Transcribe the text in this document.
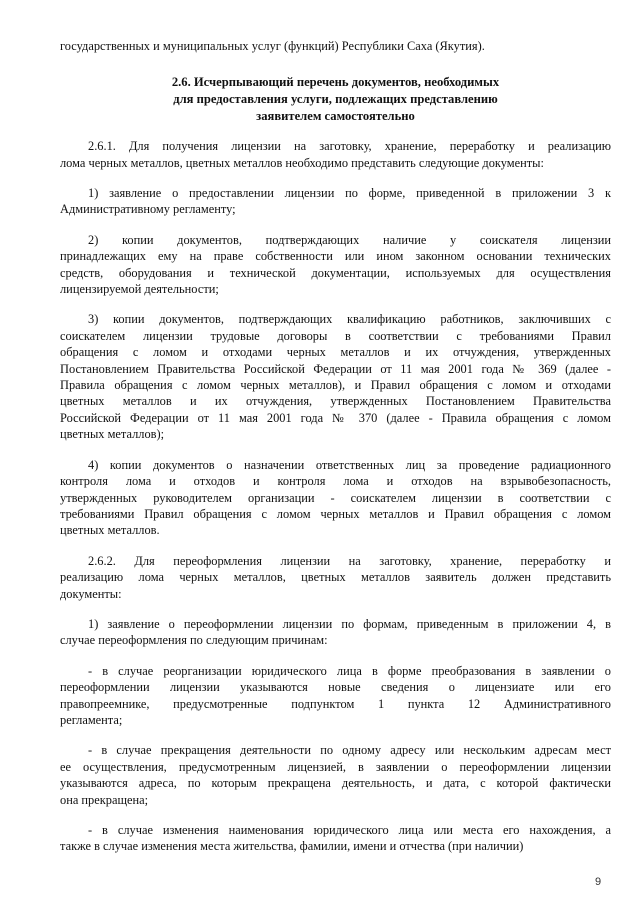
государственных и муниципальных услуг (функций) Республики Саха (Якутия).

2.6. Исчерпывающий перечень документов, необходимых
для предоставления услуги, подлежащих представлению
заявителем самостоятельно
2.6.1. Для получения лицензии на заготовку, хранение, переработку и реализацию
лома черных металлов, цветных металлов необходимо представить следующие документы:
1) заявление о предоставлении лицензии по форме, приведенной в приложении 3 к
Административному регламенту;
2) копии документов, подтверждающих наличие у соискателя лицензии
принадлежащих ему на праве собственности или ином законном основании технических
средств, оборудования и технической документации, используемых для осуществления
лицензируемой деятельности;
3) копии документов, подтверждающих квалификацию работников, заключивших с
соискателем лицензии трудовые договоры в соответствии с требованиями Правил
обращения с ломом и отходами черных металлов и их отчуждения, утвержденных
Постановлением Правительства Российской Федерации от 11 мая 2001 года № 369 (далее -
Правила обращения с ломом черных металлов), и Правил обращения с ломом и отходами
цветных металлов и их отчуждения, утвержденных Постановлением Правительства
Российской Федерации от 11 мая 2001 года № 370 (далее - Правила обращения с ломом
цветных металлов);
4) копии документов о назначении ответственных лиц за проведение радиационного
контроля лома и отходов и контроля лома и отходов на взрывобезопасность,
утвержденных руководителем организации - соискателем лицензии в соответствии с
требованиями Правил обращения с ломом черных металлов и Правил обращения с ломом
цветных металлов.
2.6.2. Для переоформления лицензии на заготовку, хранение, переработку и
реализацию лома черных металлов, цветных металлов заявитель должен представить
документы:
1) заявление о переоформлении лицензии по формам, приведенным в приложении 4, в
случае переоформления по следующим причинам:
- в случае реорганизации юридического лица в форме преобразования в заявлении о
переоформлении лицензии указываются новые сведения о лицензиате или его
правопреемнике, предусмотренные подпунктом 1 пункта 12 Административного
регламента;
- в случае прекращения деятельности по одному адресу или нескольким адресам мест
ее осуществления, предусмотренным лицензией, в заявлении о переоформлении лицензии
указываются адреса, по которым прекращена деятельность, и дата, с которой фактически
она прекращена;
- в случае изменения наименования юридического лица или места его нахождения, а
также в случае изменения места жительства, фамилии, имени и отчества (при наличии)
9
